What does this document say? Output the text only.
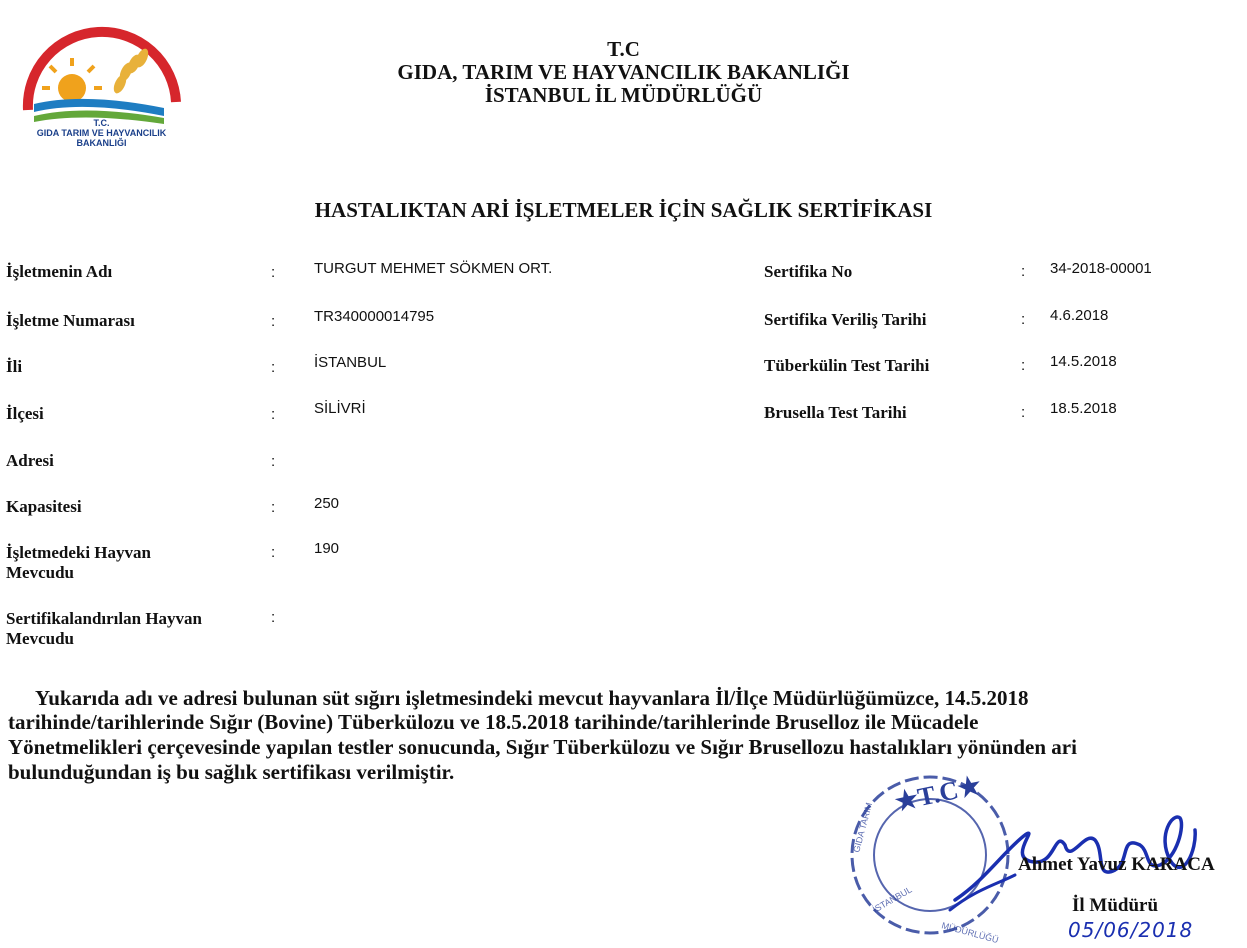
T.C.
GIDA TARIM VE HAYVANCILIK
BAKANLIĞI
T.C
GIDA, TARIM VE HAYVANCILIK BAKANLIĞI
İSTANBUL İL MÜDÜRLÜĞÜ
HASTALIKTAN ARİ İŞLETMELER İÇİN SAĞLIK SERTİFİKASI
İşletmenin Adı	:	TURGUT MEHMET SÖKMEN ORT.
İşletme Numarası	:	TR340000014795
İli	:	İSTANBUL
İlçesi	:	SİLİVRİ
Adresi	:
Kapasitesi	:	250
İşletmedeki Hayvan
Mevcudu
:	190
Sertifikalandırılan Hayvan
Mevcudu
:
Sertifika No	: 34-2018-00001
Sertifika Veriliş Tarihi	: 4.6.2018
Tüberkülin Test Tarihi	: 14.5.2018
Brusella Test Tarihi	: 18.5.2018
Yukarıda adı ve adresi bulunan süt sığırı işletmesindeki mevcut hayvanlara İl/İlçe Müdürlüğümüzce, 14.5.2018
tarihinde/tarihlerinde Sığır (Bovine) Tüberkülozu ve 18.5.2018 tarihinde/tarihlerinde Bruselloz ile Mücadele
Yönetmelikleri çerçevesinde yapılan testler sonucunda, Sığır Tüberkülozu ve Sığır Brusellozu hastalıkları yönünden ari
bulunduğundan iş bu sağlık sertifikası verilmiştir.	★T.C★
GIDA TARIM
İSTANBUL
MÜDÜRLÜĞÜ
Ahmet Yavuz KARACA
İl Müdürü
05/06/2018
